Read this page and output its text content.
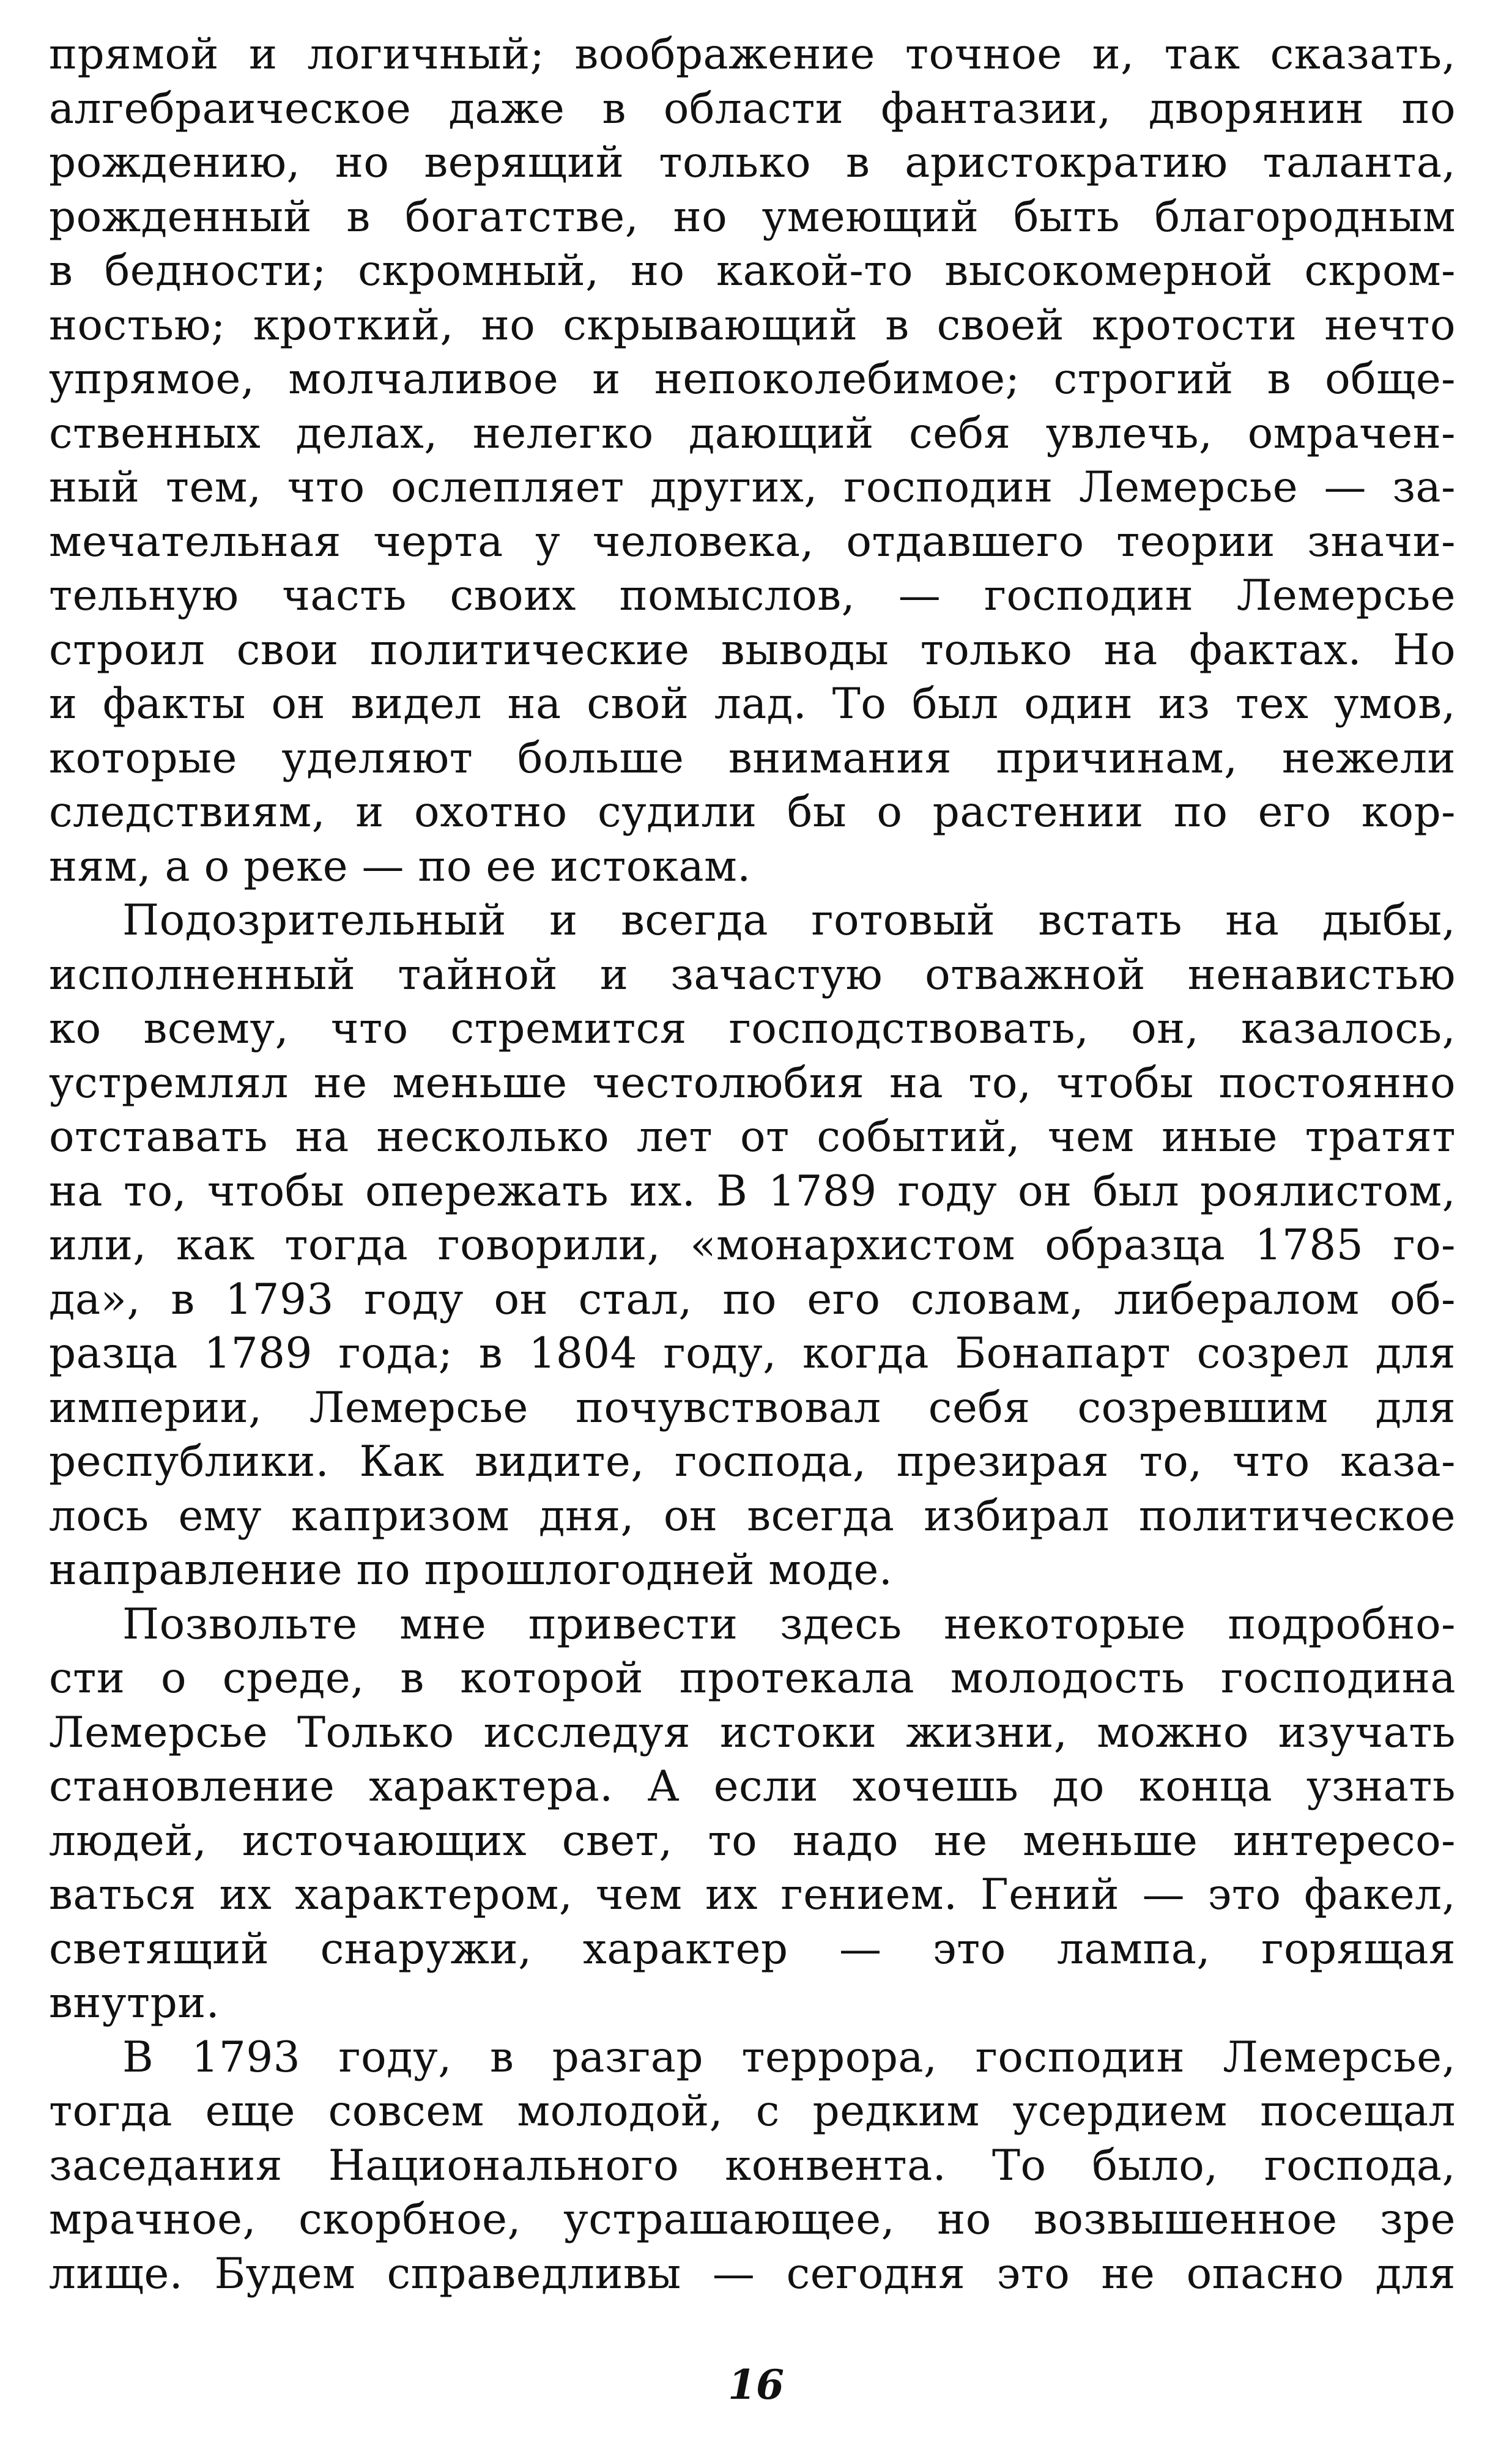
прямой и логичный; воображение точное и, так сказать,
алгебраическое даже в области фантазии, дворянин по
рождению, но верящий только в аристократию таланта,
рожденный в богатстве, но умеющий быть благородным
в бедности; скромный, но какой-то высокомерной скром-
ностью; кроткий, но скрывающий в своей кротости нечто
упрямое, молчаливое и непоколебимое; строгий в обще-
ственных делах, нелегко дающий себя увлечь, омрачен-
ный тем, что ослепляет других, господин Лемерсье — за-
мечательная черта у человека, отдавшего теории значи-
тельную часть своих помыслов, — господин Лемерсье
строил свои политические выводы только на фактах. Но
и факты он видел на свой лад. То был один из тех умов,
которые уделяют больше внимания причинам, нежели
следствиям, и охотно судили бы о растении по его кор-
ням, а о реке — по ее истокам.
Подозрительный и всегда готовый встать на дыбы,
исполненный тайной и зачастую отважной ненавистью
ко всему, что стремится господствовать, он, казалось,
устремлял не меньше честолюбия на то, чтобы постоянно
отставать на несколько лет от событий, чем иные тратят
на то, чтобы опережать их. В 1789 году он был роялистом,
или, как тогда говорили, «монархистом образца 1785 го-
да», в 1793 году он стал, по его словам, либералом об-
разца 1789 года; в 1804 году, когда Бонапарт созрел для
империи, Лемерсье почувствовал себя созревшим для
республики. Как видите, господа, презирая то, что каза-
лось ему капризом дня, он всегда избирал политическое
направление по прошлогодней моде.
Позвольте мне привести здесь некоторые подробно-
сти о среде, в которой протекала молодость господина
Лемерсье Только исследуя истоки жизни, можно изучать
становление характера. А если хочешь до конца узнать
людей, источающих свет, то надо не меньше интересо-
ваться их характером, чем их гением. Гений — это факел,
светящий снаружи, характер — это лампа, горящая
внутри.
В 1793 году, в разгар террора, господин Лемерсье,
тогда еще совсем молодой, с редким усердием посещал
заседания Национального конвента. То было, господа,
мрачное, скорбное, устрашающее, но возвышенное зре
лище. Будем справедливы — сегодня это не опасно для
16
